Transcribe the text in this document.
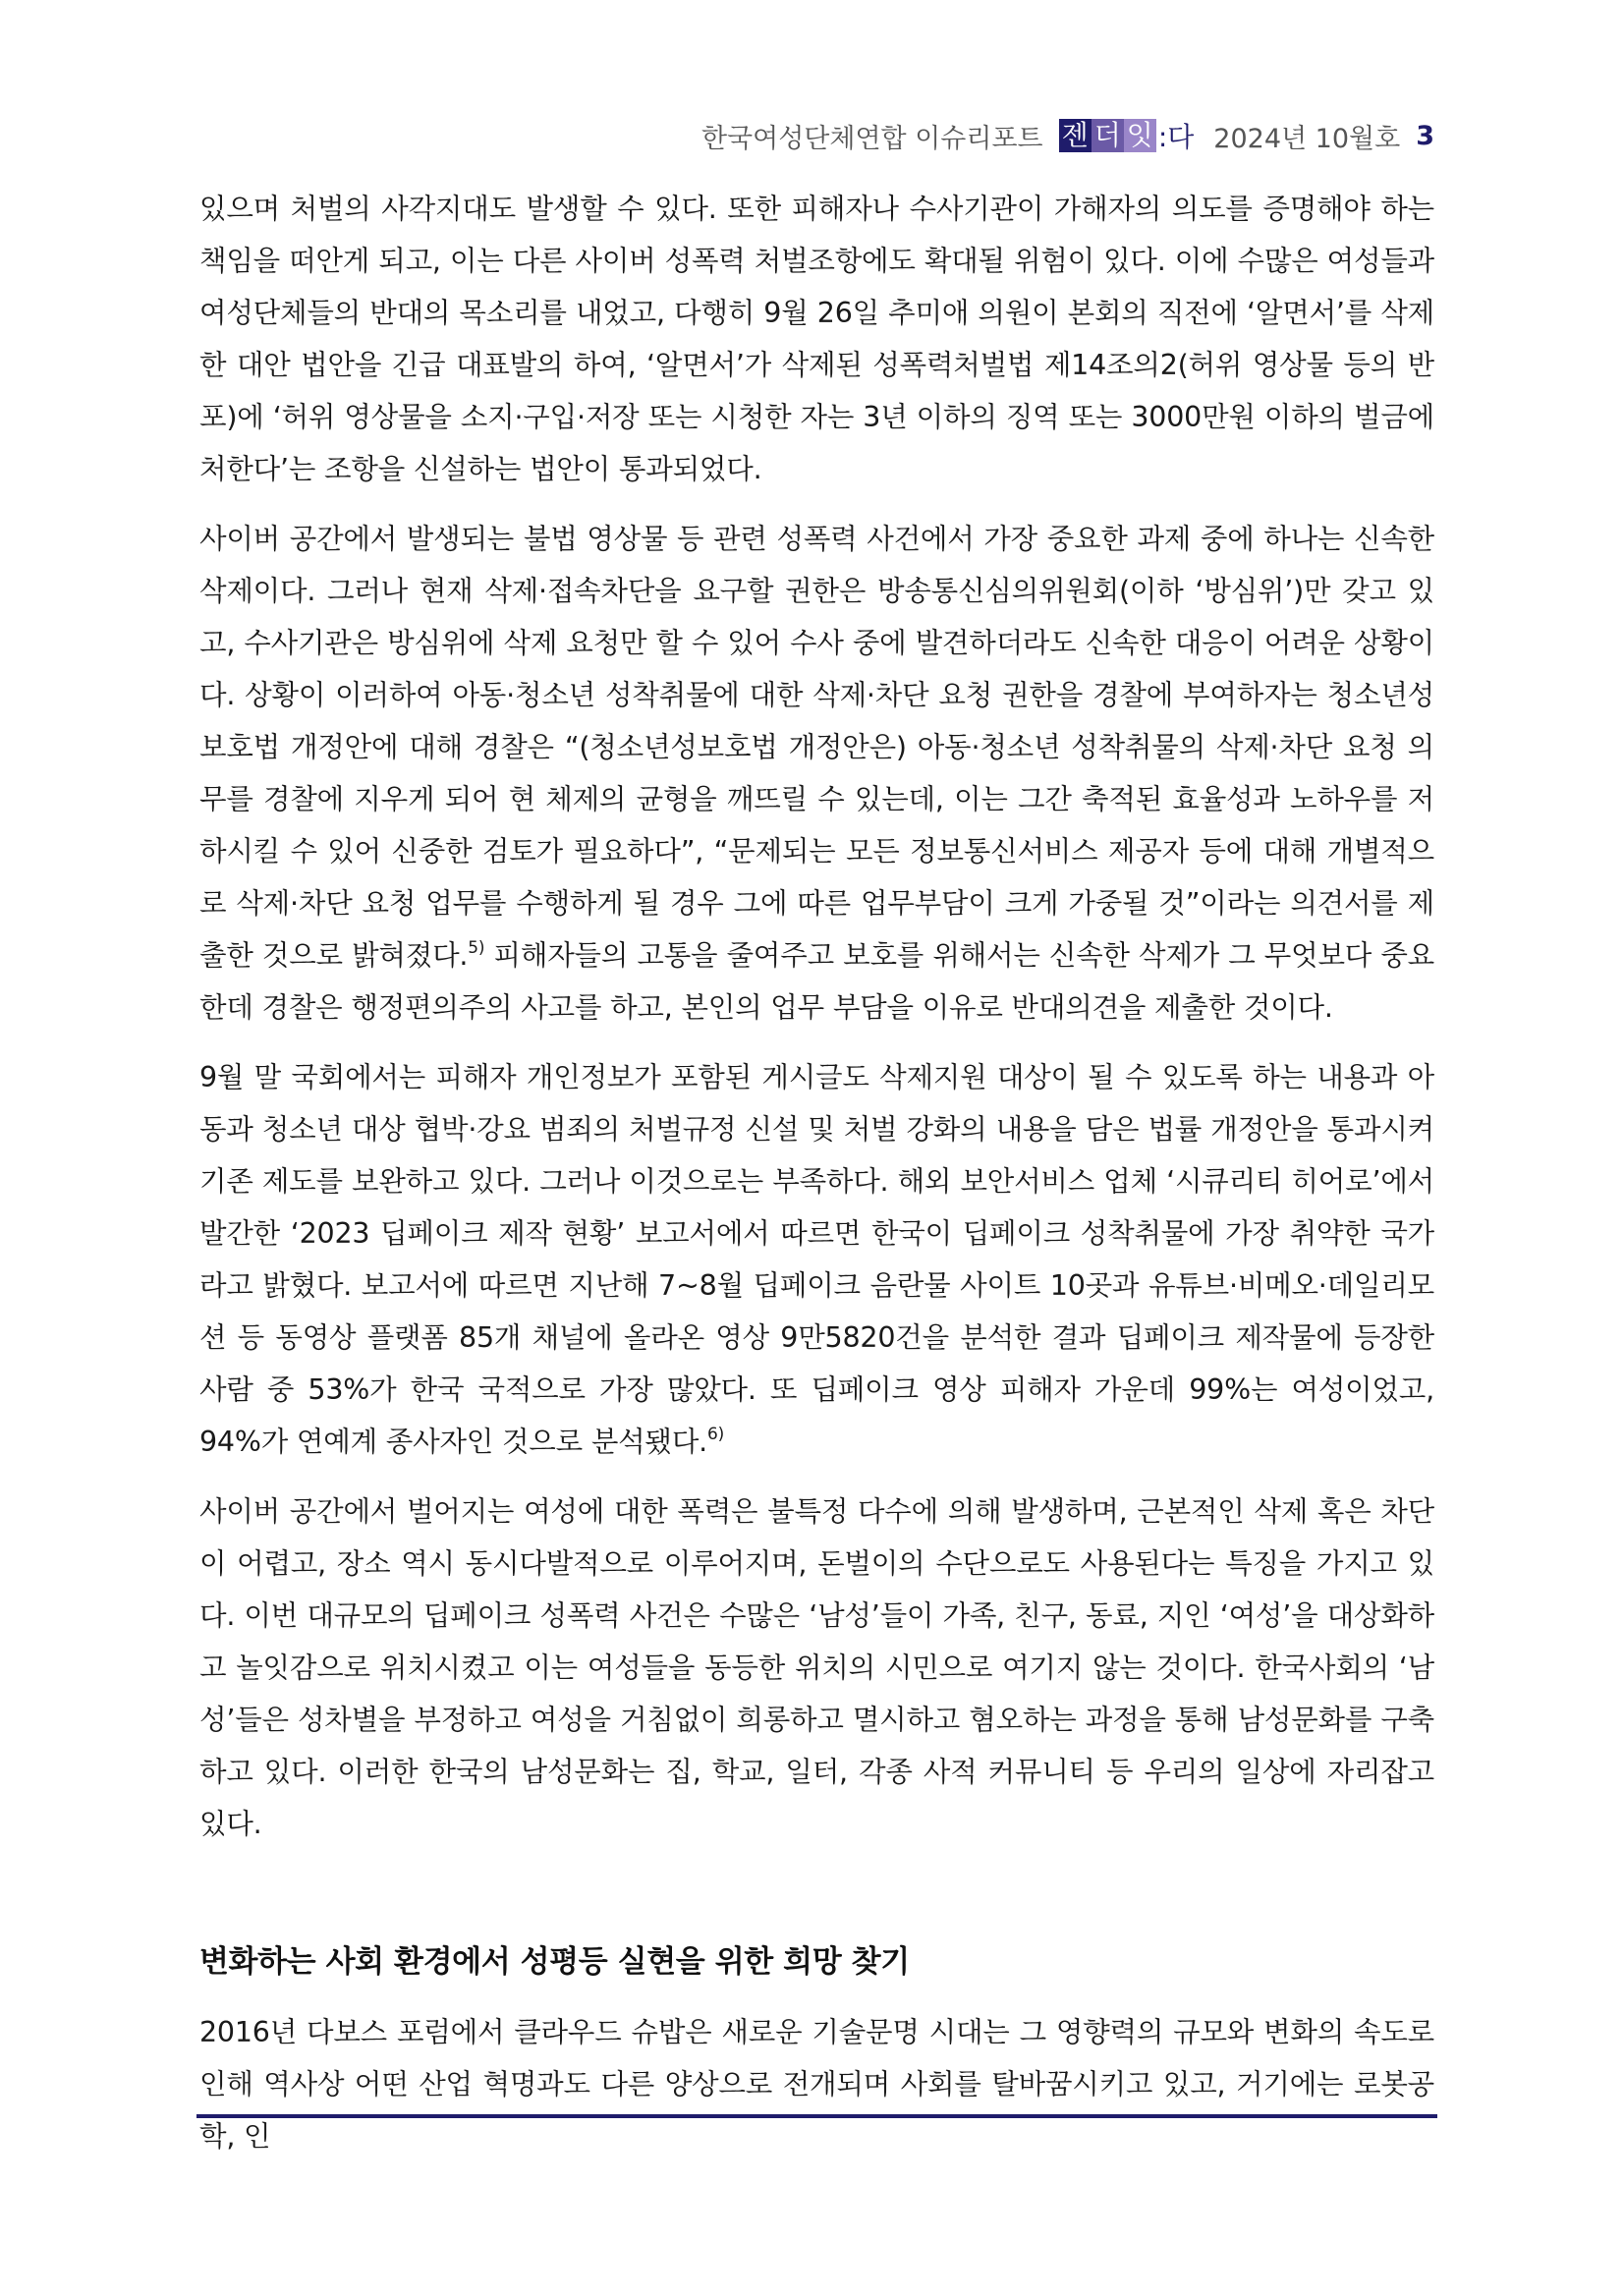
한국여성단체연합 이슈리포트 젠 더 잇 :다 2024년 10월호 3

있으며 처벌의 사각지대도 발생할 수 있다. 또한 피해자나 수사기관이 가해자의 의도를 증명해야 하는 책임을 떠안게 되고, 이는 다른 사이버 성폭력 처벌조항에도 확대될 위험이 있다. 이에 수많은 여성들과 여성단체들의 반대의 목소리를 내었고, 다행히 9월 26일 추미애 의원이 본회의 직전에 ‘알면서’를 삭제한 대안 법안을 긴급 대표발의 하여, ‘알면서’가 삭제된 성폭력처벌법 제14조의2(허위 영상물 등의 반포)에 ‘허위 영상물을 소지·구입·저장 또는 시청한 자는 3년 이하의 징역 또는 3000만원 이하의 벌금에 처한다’는 조항을 신설하는 법안이 통과되었다.

사이버 공간에서 발생되는 불법 영상물 등 관련 성폭력 사건에서 가장 중요한 과제 중에 하나는 신속한 삭제이다. 그러나 현재 삭제·접속차단을 요구할 권한은 방송통신심의위원회(이하 ‘방심위’)만 갖고 있고, 수사기관은 방심위에 삭제 요청만 할 수 있어 수사 중에 발견하더라도 신속한 대응이 어려운 상황이다. 상황이 이러하여 아동·청소년 성착취물에 대한 삭제·차단 요청 권한을 경찰에 부여하자는 청소년성보호법 개정안에 대해 경찰은 “(청소년성보호법 개정안은) 아동·청소년 성착취물의 삭제·차단 요청 의무를 경찰에 지우게 되어 현 체제의 균형을 깨뜨릴 수 있는데, 이는 그간 축적된 효율성과 노하우를 저하시킬 수 있어 신중한 검토가 필요하다”, “문제되는 모든 정보통신서비스 제공자 등에 대해 개별적으로 삭제·차단 요청 업무를 수행하게 될 경우 그에 따른 업무부담이 크게 가중될 것”이라는 의견서를 제출한 것으로 밝혀졌다.$^{5)}$ 피해자들의 고통을 줄여주고 보호를 위해서는 신속한 삭제가 그 무엇보다 중요한데 경찰은 행정편의주의 사고를 하고, 본인의 업무 부담을 이유로 반대의견을 제출한 것이다.

9월 말 국회에서는 피해자 개인정보가 포함된 게시글도 삭제지원 대상이 될 수 있도록 하는 내용과 아동과 청소년 대상 협박·강요 범죄의 처벌규정 신설 및 처벌 강화의 내용을 담은 법률 개정안을 통과시켜 기존 제도를 보완하고 있다. 그러나 이것으로는 부족하다. 해외 보안서비스 업체 ‘시큐리티 히어로’에서 발간한 ‘2023 딥페이크 제작 현황’ 보고서에서 따르면 한국이 딥페이크 성착취물에 가장 취약한 국가라고 밝혔다. 보고서에 따르면 지난해 7~8월 딥페이크 음란물 사이트 10곳과 유튜브·비메오·데일리모션 등 동영상 플랫폼 85개 채널에 올라온 영상 9만5820건을 분석한 결과 딥페이크 제작물에 등장한 사람 중 53%가 한국 국적으로 가장 많았다. 또 딥페이크 영상 피해자 가운데 99%는 여성이었고, 94%가 연예계 종사자인 것으로 분석됐다.$^{6)}$

사이버 공간에서 벌어지는 여성에 대한 폭력은 불특정 다수에 의해 발생하며, 근본적인 삭제 혹은 차단이 어렵고, 장소 역시 동시다발적으로 이루어지며, 돈벌이의 수단으로도 사용된다는 특징을 가지고 있다. 이번 대규모의 딥페이크 성폭력 사건은 수많은 ‘남성’들이 가족, 친구, 동료, 지인 ‘여성’을 대상화하고 놀잇감으로 위치시켰고 이는 여성들을 동등한 위치의 시민으로 여기지 않는 것이다. 한국사회의 ‘남성’들은 성차별을 부정하고 여성을 거침없이 희롱하고 멸시하고 혐오하는 과정을 통해 남성문화를 구축하고 있다. 이러한 한국의 남성문화는 집, 학교, 일터, 각종 사적 커뮤니티 등 우리의 일상에 자리잡고 있다.

변화하는 사회 환경에서 성평등 실현을 위한 희망 찾기

2016년 다보스 포럼에서 클라우드 슈밥은 새로운 기술문명 시대는 그 영향력의 규모와 변화의 속도로 인해 역사상 어떤 산업 혁명과도 다른 양상으로 전개되며 사회를 탈바꿈시키고 있고, 거기에는 로봇공학, 인
